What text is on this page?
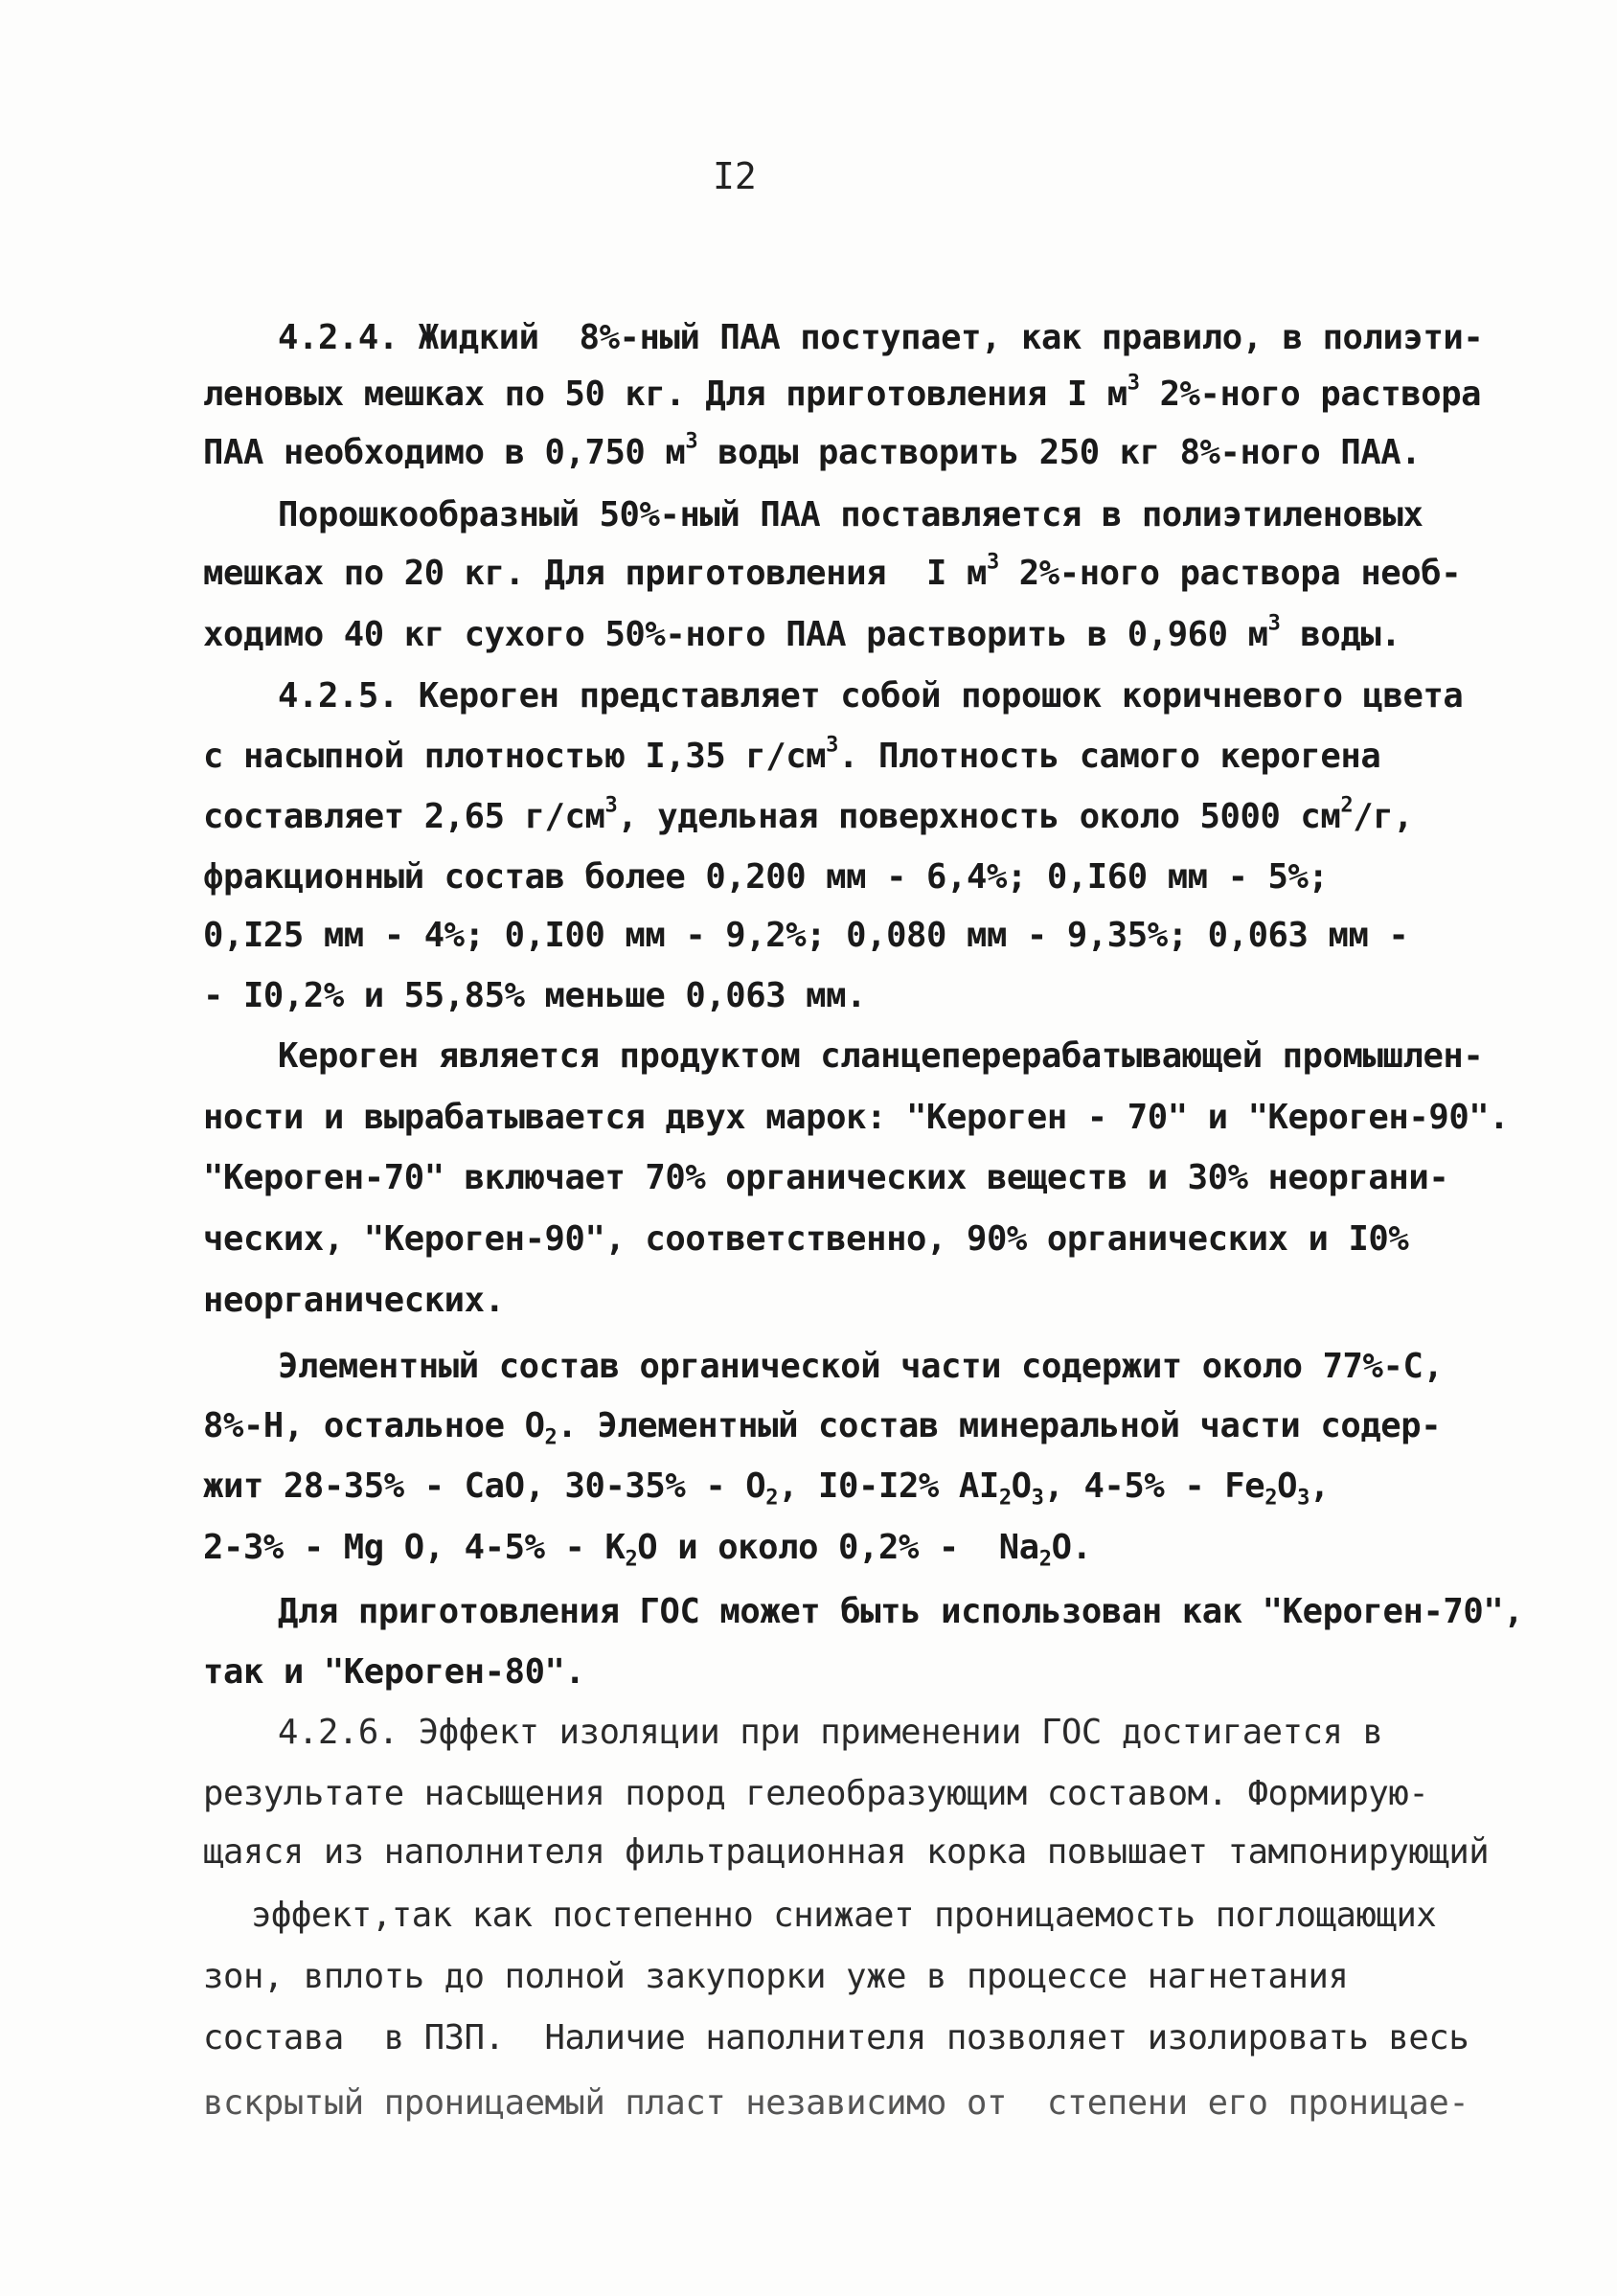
I2
4.2.4. Жидкий  8%-ный ПАА поступает, как правило, в полиэти-
леновых мешках по 50 кг. Для приготовления I $м^3$ 2%-ного раствора
ПАА необходимо в 0,750 $м^3$ воды растворить 250 кг 8%-ного ПАА.
Порошкообразный 50%-ный ПАА поставляется в полиэтиленовых
мешках по 20 кг. Для приготовления  I $м^3$ 2%-ного раствора необ-
ходимо 40 кг сухого 50%-ного ПАА растворить в 0,960 $м^3$ воды.
4.2.5. Кероген представляет собой порошок коричневого цвета
с насыпной плотностью I,35 $г/см^3$. Плотность самого керогена
составляет 2,65 $г/см^3$, удельная поверхность около 5000 $см^2/г$,
фракционный состав более 0,200 мм - 6,4%; 0,I60 мм - 5%;
0,I25 мм - 4%; 0,I00 мм - 9,2%; 0,080 мм - 9,35%; 0,063 мм -
- I0,2% и 55,85% меньше 0,063 мм.
Кероген является продуктом сланцеперерабатывающей промышлен-
ности и вырабатывается двух марок: "Кероген - 70" и "Кероген-90".
"Кероген-70" включает 70% органических веществ и 30% неоргани-
ческих, "Кероген-90", соответственно, 90% органических и I0%
неорганических.
Элементный состав органической части содержит около 77%-C,
8%-H, остальное $O_2$. Элементный состав минеральной части содер-
жит 28-35% - CaO, $30-35\% - O_2$, I0-I2% $AI_2O_3$, $4-5\% - Fe_2O_3$,
2-3% - Mg O, $4-5\% - K_2O$ и около $0,2\% - Na_2O$.
Для приготовления ГОС может быть использован как "Кероген-70",
так и "Кероген-80".
4.2.6. Эффект изоляции при применении ГОС достигается в
результате насыщения пород гелеобразующим составом. Формирую-
щаяся из наполнителя фильтрационная корка повышает тампонирующий
эффект,так как постепенно снижает проницаемость поглощающих
зон, вплоть до полной закупорки уже в процессе нагнетания
состава  в ПЗП.  Наличие наполнителя позволяет изолировать весь
вскрытый проницаемый пласт независимо от  степени его проницае-
